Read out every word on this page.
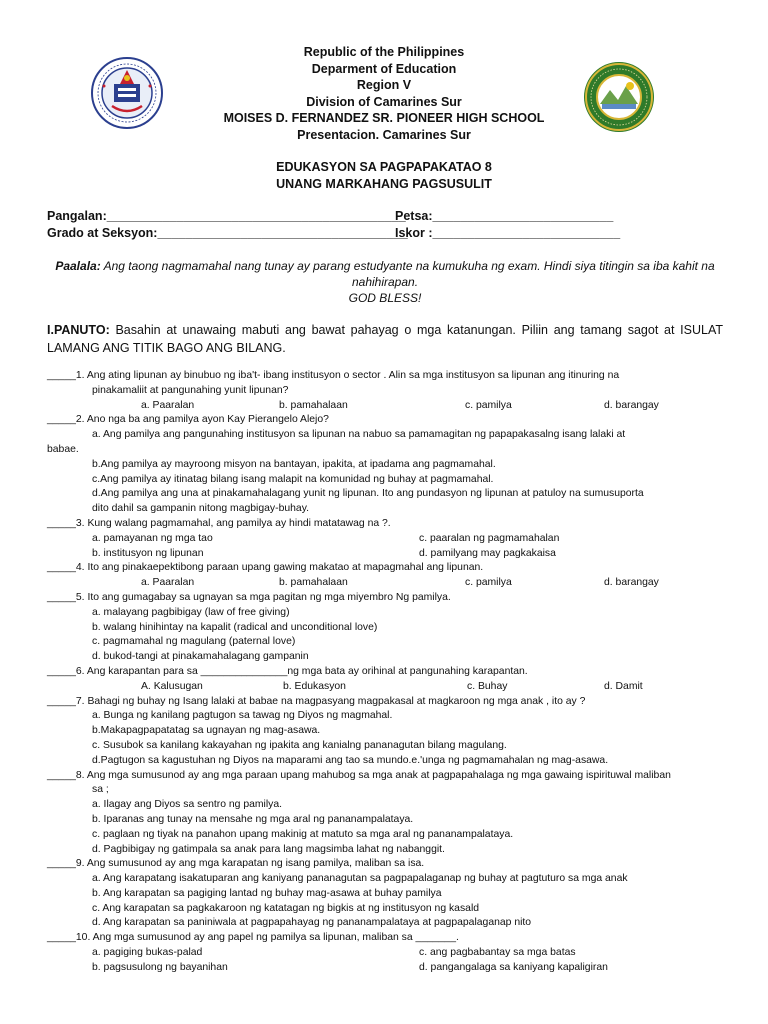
Republic of the Philippines
Deparment of Education
Region V
Division of Camarines Sur
MOISES D. FERNANDEZ SR. PIONEER HIGH SCHOOL
Presentacion. Camarines Sur
EDUKASYON SA PAGPAPAKATAO 8
UNANG MARKAHANG PAGSUSULIT
Pangalan:___________________________________________
Petsa:__________________________
Grado at Seksyon:____________________________________
Iskor :___________________________
Paalala: Ang taong nagmamahal nang tunay ay parang estudyante na kumukuha ng exam. Hindi siya titingin sa iba kahit na nahihirapan.
GOD BLESS!
I.PANUTO: Basahin at unawaing mabuti ang bawat pahayag o mga katanungan. Piliin ang tamang sagot at ISULAT LAMANG ANG TITIK BAGO ANG BILANG.
_____1. Ang ating lipunan ay binubuo ng iba't- ibang institusyon o sector . Alin sa mga institusyon sa lipunan ang itinuring na
pinakamaliit at pangunahing yunit lipunan?
a. Paaralan	b. pamahalaan	c. pamilya	d. barangay
_____2. Ano nga ba ang pamilya ayon Kay Pierangelo Alejo?
a. Ang pamilya ang pangunahing institusyon sa lipunan na nabuo sa pamamagitan ng papapakasalng isang lalaki at
babae.
b.Ang pamilya ay mayroong misyon na bantayan, ipakita, at ipadama ang pagmamahal.
c.Ang pamilya ay itinatag bilang isang malapit na komunidad ng buhay at pagmamahal.
d.Ang pamilya ang una at pinakamahalagang yunit ng lipunan. Ito ang pundasyon ng lipunan at patuloy na sumusuporta
dito dahil sa gampanin nitong magbigay-buhay.
_____3. Kung walang pagmamahal, ang pamilya ay hindi matatawag na ?.
a. pamayanan ng mga tao	c. paaralan ng pagmamahalan
b. institusyon ng lipunan	d. pamilyang may pagkakaisa
_____4. Ito ang pinakaepektibong paraan upang gawing makatao at mapagmahal ang lipunan.
a. Paaralan	b. pamahalaan	c. pamilya	d. barangay
_____5. Ito ang gumagabay sa ugnayan sa mga pagitan ng mga miyembro Ng pamilya.
a. malayang pagbibigay (law of free giving)
b. walang hinihintay na kapalit (radical and unconditional love)
c. pagmamahal ng magulang (paternal love)
d. bukod-tangi at pinakamahalagang gampanin
_____6. Ang karapantan para sa _______________ng mga bata ay orihinal at pangunahing karapantan.
A. Kalusugan	b. Edukasyon	c. Buhay	d. Damit
_____7. Bahagi ng buhay ng Isang lalaki at babae na magpasyang magpakasal at magkaroon ng mga anak , ito ay ?
a. Bunga ng kanilang pagtugon sa tawag ng Diyos ng magmahal.
b.Makapagpapatatag sa ugnayan ng mag-asawa.
c. Susubok sa kanilang kakayahan ng ipakita ang kanialng pananagutan bilang magulang.
d.Pagtugon sa kagustuhan ng Diyos na maparami ang tao sa mundo.e.'unga ng pagmamahalan ng mag-asawa.
_____8. Ang mga sumusunod ay ang mga paraan upang mahubog sa mga anak at pagpapahalaga ng mga gawaing ispirituwal maliban
sa ;
a. Ilagay ang Diyos sa sentro ng pamilya.
b. Iparanas ang tunay na mensahe ng mga aral ng pananampalataya.
c. paglaan ng tiyak na panahon upang makinig at matuto sa mga aral ng pananampalataya.
d. Pagbibigay ng gatimpala sa anak para lang magsimba lahat ng nabanggit.
_____9. Ang sumusunod ay ang mga karapatan ng isang pamilya, maliban sa isa.
a. Ang karapatang isakatuparan ang kaniyang pananagutan sa pagpapalaganap ng buhay at pagtuturo sa mga anak
b. Ang karapatan sa pagiging lantad ng buhay mag-asawa at buhay pamilya
c. Ang karapatan sa pagkakaroon ng katatagan ng bigkis at ng institusyon ng kasald
d. Ang karapatan sa paniniwala at pagpapahayag ng pananampalataya at pagpapalaganap nito
_____10. Ang mga sumusunod ay ang papel ng pamilya sa lipunan, maliban sa _______.
a. pagiging bukas-palad	c. ang pagbabantay sa mga batas
b. pagsusulong ng bayanihan	d. pangangalaga sa kaniyang kapaligiran
